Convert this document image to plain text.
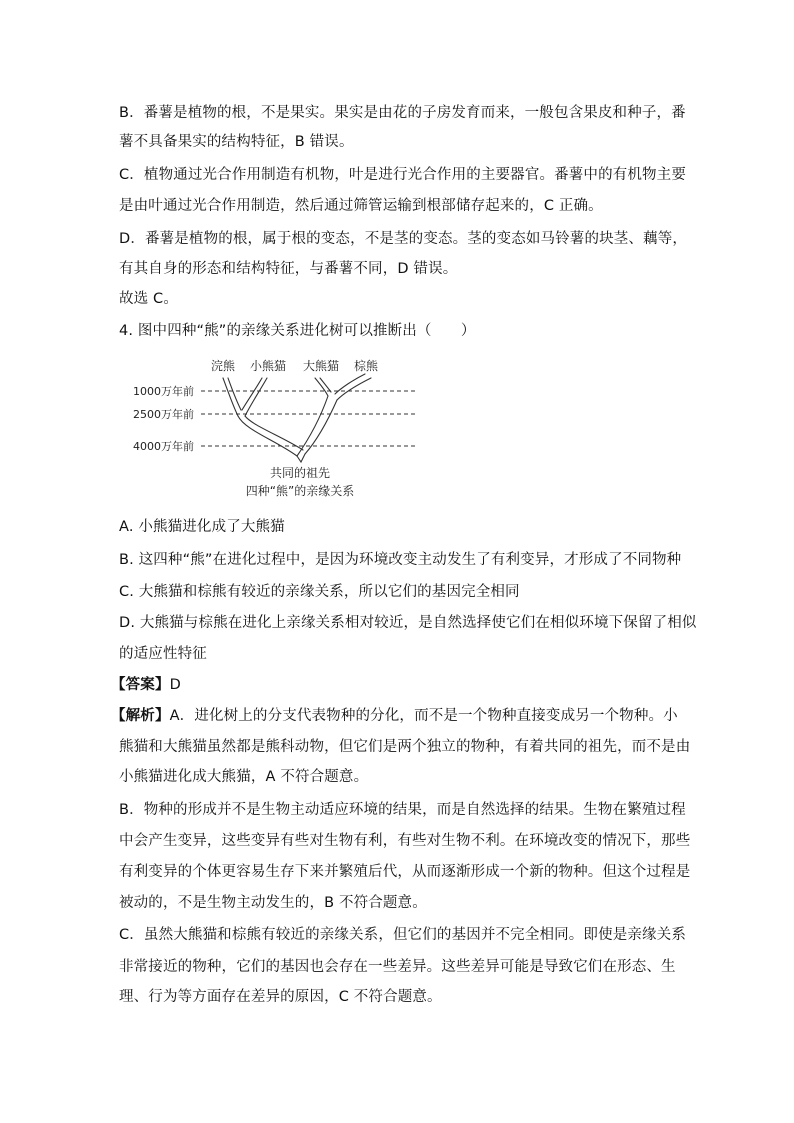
B．番薯是植物的根，不是果实。果实是由花的子房发育而来，一般包含果皮和种子，番
薯不具备果实的结构特征，B 错误。
C．植物通过光合作用制造有机物，叶是进行光合作用的主要器官。番薯中的有机物主要
是由叶通过光合作用制造，然后通过筛管运输到根部储存起来的，C 正确。
D．番薯是植物的根，属于根的变态，不是茎的变态。茎的变态如马铃薯的块茎、藕等，
有其自身的形态和结构特征，与番薯不同，D 错误。
故选 C。
4. 图中四种“熊”的亲缘关系进化树可以推断出（　　）
浣熊 小熊猫 大熊猫 棕熊
1000万年前
2500万年前
4000万年前
共同的祖先
四种“熊”的亲缘关系
A. 小熊猫进化成了大熊猫
B. 这四种“熊”在进化过程中，是因为环境改变主动发生了有利变异，才形成了不同物种
C. 大熊猫和棕熊有较近的亲缘关系，所以它们的基因完全相同
D. 大熊猫与棕熊在进化上亲缘关系相对较近，是自然选择使它们在相似环境下保留了相似
的适应性特征
【答案】D
【解析】A．进化树上的分支代表物种的分化，而不是一个物种直接变成另一个物种。小
熊猫和大熊猫虽然都是熊科动物，但它们是两个独立的物种，有着共同的祖先，而不是由
小熊猫进化成大熊猫，A 不符合题意。
B．物种的形成并不是生物主动适应环境的结果，而是自然选择的结果。生物在繁殖过程
中会产生变异，这些变异有些对生物有利，有些对生物不利。在环境改变的情况下，那些
有利变异的个体更容易生存下来并繁殖后代，从而逐渐形成一个新的物种。但这个过程是
被动的，不是生物主动发生的，B 不符合题意。
C．虽然大熊猫和棕熊有较近的亲缘关系，但它们的基因并不完全相同。即使是亲缘关系
非常接近的物种，它们的基因也会存在一些差异。这些差异可能是导致它们在形态、生
理、行为等方面存在差异的原因，C 不符合题意。
